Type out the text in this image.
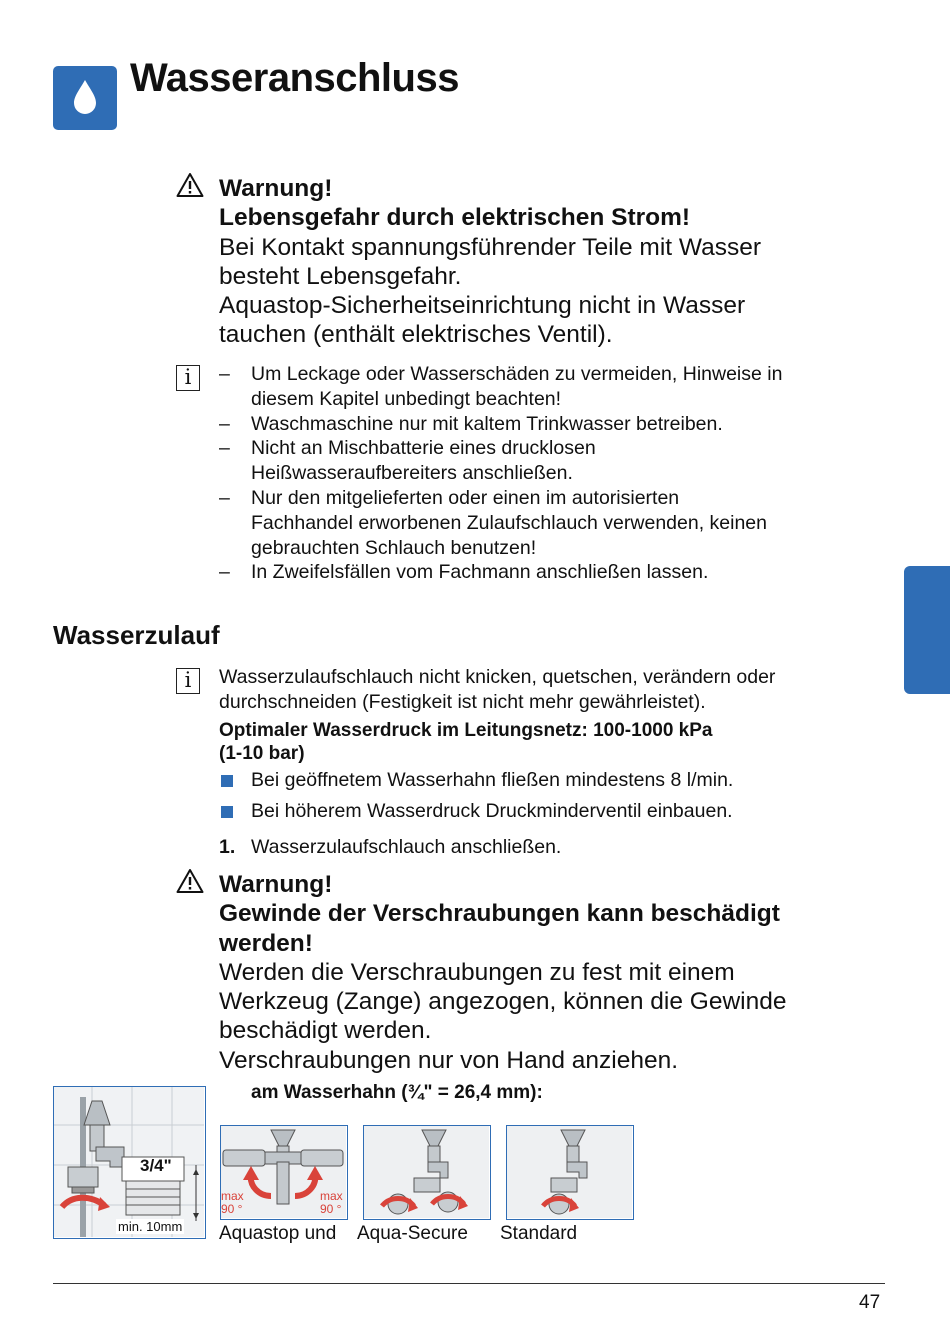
Wasseranschluss
Warnung!
Lebensgefahr durch elektrischen Strom!
Bei Kontakt spannungsführender Teile mit Wasser
besteht Lebensgefahr.
Aquastop-Sicherheitseinrichtung nicht in Wasser
tauchen (enthält elektrisches Ventil).
i	– Um Leckage oder Wasserschäden zu vermeiden, Hinweise in
diesem Kapitel unbedingt beachten!
– Waschmaschine nur mit kaltem Trinkwasser betreiben.
– Nicht an Mischbatterie eines drucklosen
Heißwasseraufbereiters anschließen.
– Nur den mitgelieferten oder einen im autorisierten
Fachhandel erworbenen Zulaufschlauch verwenden, keinen
gebrauchten Schlauch benutzen!
– In Zweifelsfällen vom Fachmann anschließen lassen.
Wasserzulauf
i	Wasserzulaufschlauch nicht knicken, quetschen, verändern oder
durchschneiden (Festigkeit ist nicht mehr gewährleistet).
Optimaler Wasserdruck im Leitungsnetz: 100-1000 kPa
(1-10 bar)
Bei geöffnetem Wasserhahn fließen mindestens 8 l/min.
Bei höherem Wasserdruck Druckminderventil einbauen.
1. Wasserzulaufschlauch anschließen.
Warnung!
Gewinde der Verschraubungen kann beschädigt
werden!
Werden die Verschraubungen zu fest mit einem
Werkzeug (Zange) angezogen, können die Gewinde
beschädigt werden.
Verschraubungen nur von Hand anziehen.
am Wasserhahn (¾" = 26,4 mm):
3/4"
min. 10mm
max
90 °
max
90 °
Aquastop und Aqua-Secure Standard
47
